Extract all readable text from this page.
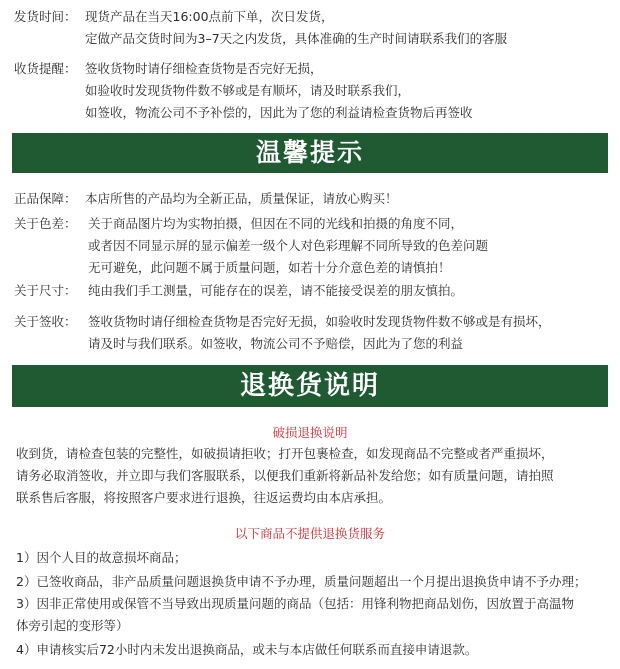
发货时间： 现货产品在当天16:00点前下单，次日发货，
定做产品交货时间为3–7天之内发货，具体准确的生产时间请联系我们的客服
收货提醒： 签收货物时请仔细检查货物是否完好无损，
如验收时发现货物件数不够或是有顺坏，请及时联系我们，
如签收，物流公司不予补偿的，因此为了您的利益请检查货物后再签收
温馨提示
正品保障： 本店所售的产品均为全新正品，质量保证，请放心购买！
关于色差： 关于商品图片均为实物拍摄，但因在不同的光线和拍摄的角度不同，
或者因不同显示屏的显示偏差一级个人对色彩理解不同所导致的色差问题
无可避免，此问题不属于质量问题，如若十分介意色差的请慎拍！
关于尺寸： 纯由我们手工测量，可能存在的误差，请不能接受误差的朋友慎拍。
关于签收： 签收货物时请仔细检查货物是否完好无损，如验收时发现货物件数不够或是有损坏，
请及时与我们联系。如签收，物流公司不予赔偿，因此为了您的利益
退换货说明
破损退换说明
收到货，请检查包装的完整性，如破损请拒收；打开包裹检查，如发现商品不完整或者严重损坏，
请务必取消签收，并立即与我们客服联系，以便我们重新将新品补发给您；如有质量问题，请拍照
联系售后客服，将按照客户要求进行退换，往返运费均由本店承担。
以下商品不提供退换货服务
1）因个人目的故意损坏商品；
2）已签收商品，非产品质量问题退换货申请不予办理，质量问题超出一个月提出退换货申请不予办理；
3）因非正常使用或保管不当导致出现质量问题的商品（包括：用锋利物把商品划伤，因放置于高温物
体旁引起的变形等）
4）申请核实后72小时内未发出退换商品，或未与本店做任何联系而直接申请退款。
